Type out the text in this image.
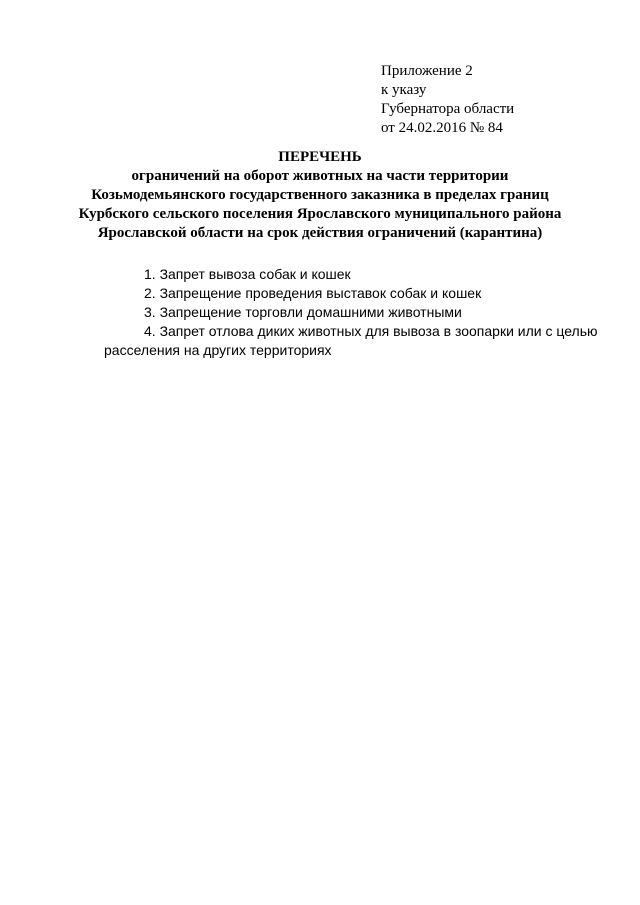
Приложение 2
к указу
Губернатора области
от 24.02.2016 № 84
ПЕРЕЧЕНЬ
ограничений на оборот животных на части территории
Козьмодемьянского государственного заказника в пределах границ
Курбского сельского поселения Ярославского муниципального района
Ярославской области на срок действия ограничений (карантина)
1. Запрет вывоза собак и кошек
2. Запрещение проведения выставок собак и кошек
3. Запрещение торговли домашними животными
4. Запрет отлова диких животных для вывоза в зоопарки или с целью
расселения на других территориях
